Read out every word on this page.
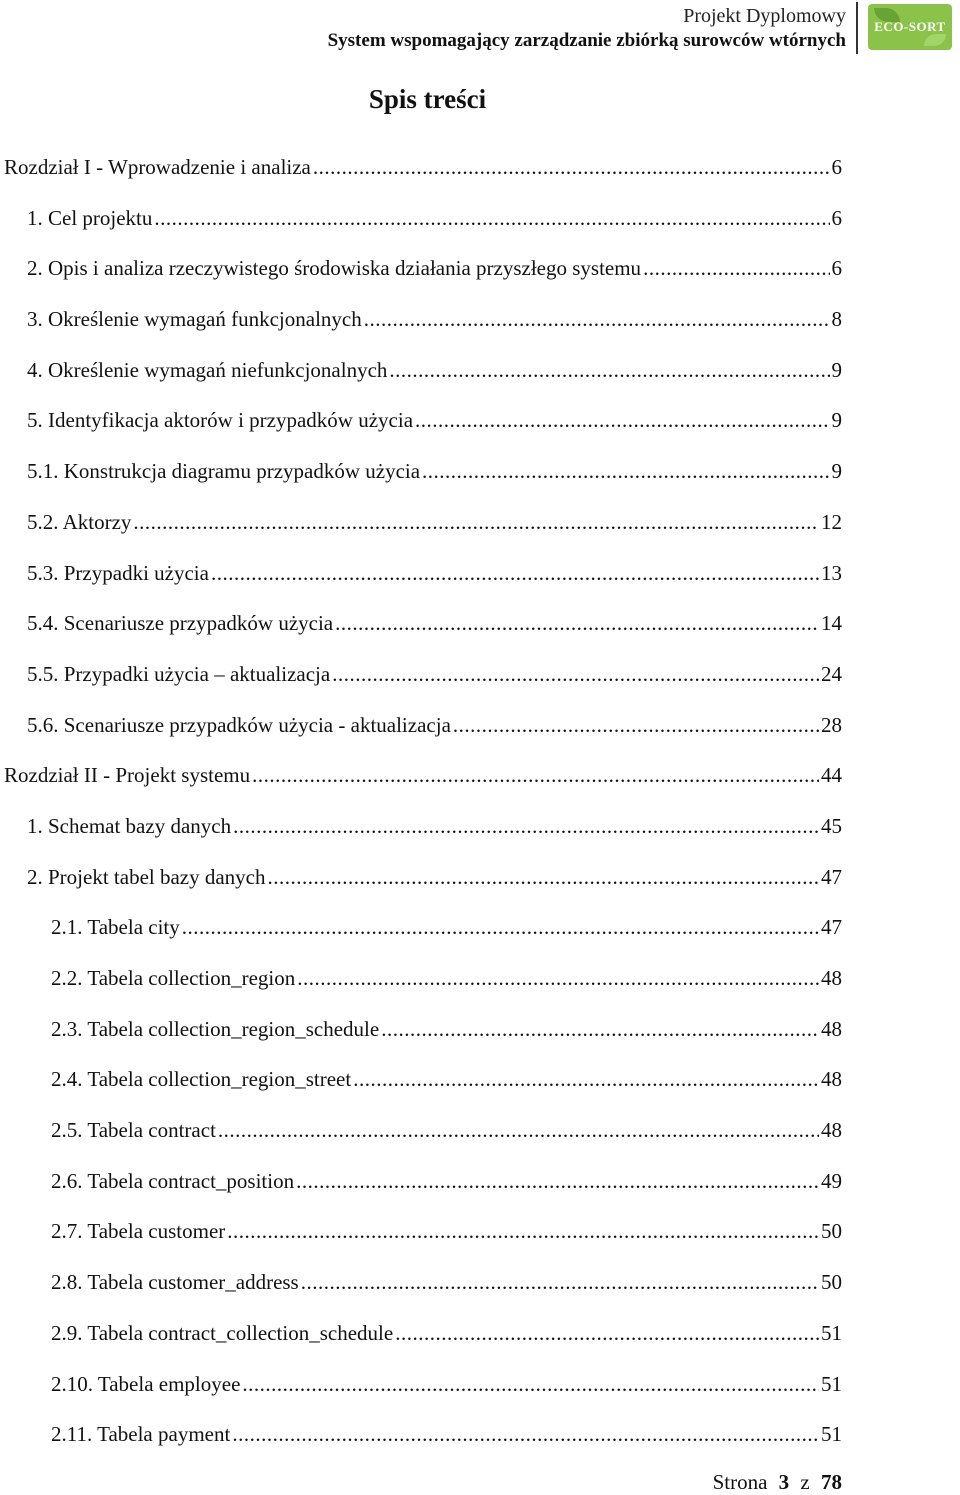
Projekt Dyplomowy
System wspomagający zarządzanie zbiórką surowców wtórnych
ECO-SORT
Spis treści
Rozdział I - Wprowadzenie i analiza .....	6
1. Cel projektu .....	6
2. Opis i analiza rzeczywistego środowiska działania przyszłego systemu .....	6
3. Określenie wymagań funkcjonalnych .....	8
4. Określenie wymagań niefunkcjonalnych .....	9
5. Identyfikacja aktorów i przypadków użycia .....	9
5.1. Konstrukcja diagramu przypadków użycia .....	9
5.2. Aktorzy .....	12
5.3. Przypadki użycia .....	13
5.4. Scenariusze przypadków użycia .....	14
5.5. Przypadki użycia – aktualizacja .....	24
5.6. Scenariusze przypadków użycia - aktualizacja .....	28
Rozdział II - Projekt systemu .....	44
1. Schemat bazy danych .....	45
2. Projekt tabel bazy danych .....	47
2.1. Tabela city .....	47
2.2. Tabela collection_region .....	48
2.3. Tabela collection_region_schedule .....	48
2.4. Tabela collection_region_street .....	48
2.5. Tabela contract .....	48
2.6. Tabela contract_position .....	49
2.7. Tabela customer .....	50
2.8. Tabela customer_address .....	50
2.9. Tabela contract_collection_schedule .....	51
2.10. Tabela employee .....	51
2.11. Tabela payment .....	51
Strona 3 z 78
